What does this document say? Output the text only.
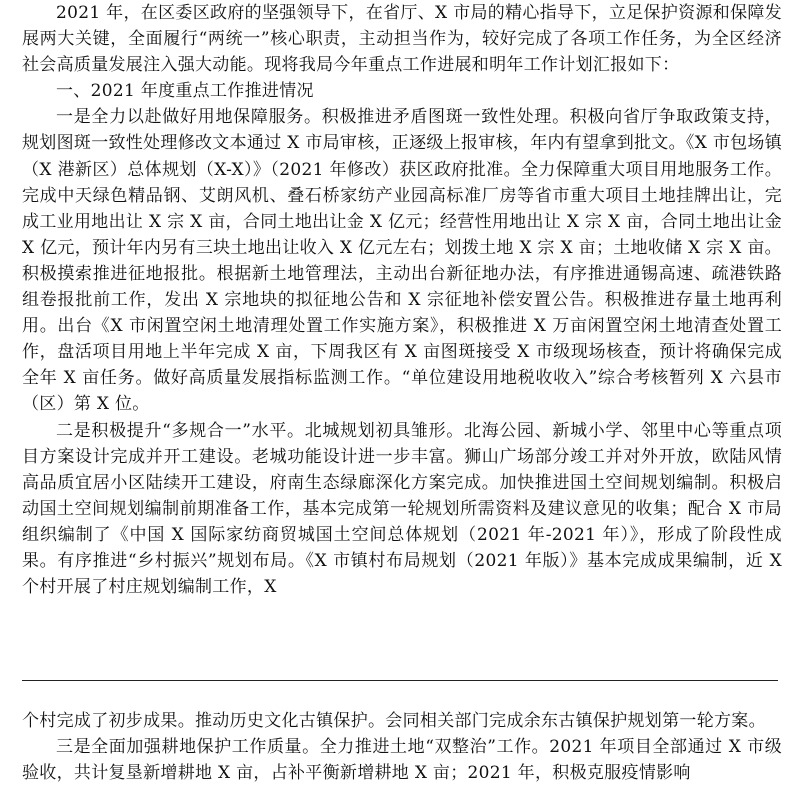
2021 年，在区委区政府的坚强领导下，在省厅、X 市局的精心指导下，立足保护资源和保障发展两大关键，全面履行“两统一”核心职责，主动担当作为，较好完成了各项工作任务，为全区经济社会高质量发展注入强大动能。现将我局今年重点工作进展和明年工作计划汇报如下：

一、2021 年度重点工作推进情况

一是全力以赴做好用地保障服务。积极推进矛盾图斑一致性处理。积极向省厅争取政策支持，规划图斑一致性处理修改文本通过 X 市局审核，正逐级上报审核，年内有望拿到批文。《X 市包场镇（X 港新区）总体规划（X-X）》（2021 年修改）获区政府批准。全力保障重大项目用地服务工作。完成中天绿色精品钢、艾朗风机、叠石桥家纺产业园高标准厂房等省市重大项目土地挂牌出让，完成工业用地出让 X 宗 X 亩，合同土地出让金 X 亿元；经营性用地出让 X 宗 X 亩，合同土地出让金 X 亿元，预计年内另有三块土地出让收入 X 亿元左右；划拨土地 X 宗 X 亩；土地收储 X 宗 X 亩。积极摸索推进征地报批。根据新土地管理法，主动出台新征地办法，有序推进通锡高速、疏港铁路组卷报批前工作，发出 X 宗地块的拟征地公告和 X 宗征地补偿安置公告。积极推进存量土地再利用。出台《X 市闲置空闲土地清理处置工作实施方案》，积极推进 X 万亩闲置空闲土地清查处置工作，盘活项目用地上半年完成 X 亩，下周我区有 X 亩图斑接受 X 市级现场核查，预计将确保完成全年 X 亩任务。做好高质量发展指标监测工作。“单位建设用地税收收入”综合考核暂列 X 六县市（区）第 X 位。

二是积极提升“多规合一”水平。北城规划初具雏形。北海公园、新城小学、邻里中心等重点项目方案设计完成并开工建设。老城功能设计进一步丰富。狮山广场部分竣工并对外开放，欧陆风情高品质宜居小区陆续开工建设，府南生态绿廊深化方案完成。加快推进国土空间规划编制。积极启动国土空间规划编制前期准备工作，基本完成第一轮规划所需资料及建议意见的收集；配合 X 市局组织编制了《中国 X 国际家纺商贸城国土空间总体规划（2021 年-2021 年）》，形成了阶段性成果。有序推进“乡村振兴”规划布局。《X 市镇村布局规划（2021 年版）》基本完成成果编制，近 X 个村开展了村庄规划编制工作，X

个村完成了初步成果。推动历史文化古镇保护。会同相关部门完成余东古镇保护规划第一轮方案。

三是全面加强耕地保护工作质量。全力推进土地“双整治”工作。2021 年项目全部通过 X 市级验收，共计复垦新增耕地 X 亩，占补平衡新增耕地 X 亩；2021 年，积极克服疫情影响
